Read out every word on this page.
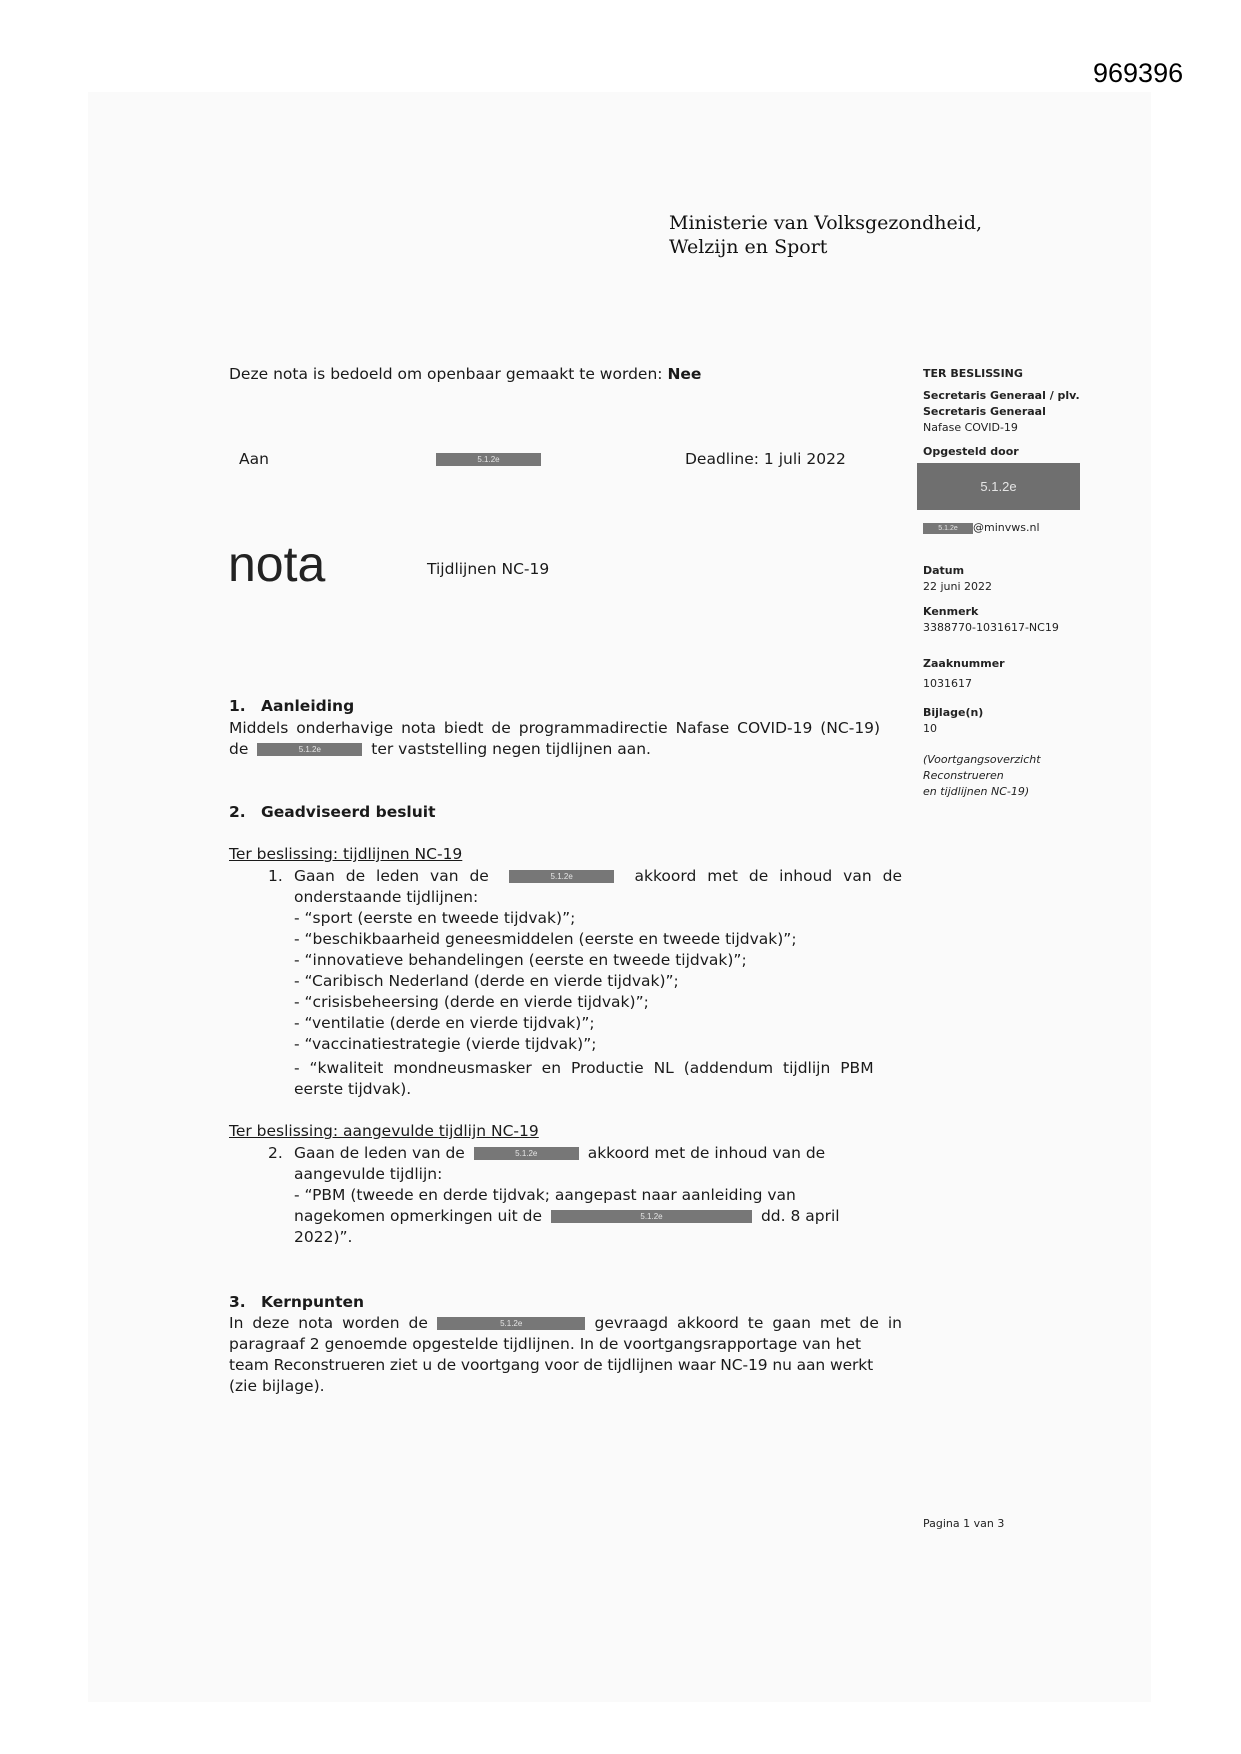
969396
Ministerie van Volksgezondheid,
Welzijn en Sport
Deze nota is bedoeld om openbaar gemaakt te worden: Nee
Aan	5.1.2e	Deadline: 1 juli 2022
nota	Tijdlijnen NC-19
TER BESLISSING
Secretaris Generaal / plv.
Secretaris Generaal
Nafase COVID-19
Opgesteld door
5.1.2e
5.1.2e @minvws.nl
Datum
22 juni 2022
Kenmerk
3388770-1031617-NC19
Zaaknummer
1031617
Bijlage(n)
10
(Voortgangsoverzicht
Reconstrueren
en tijdlijnen NC-19)
1. Aanleiding
Middels onderhavige nota biedt de programmadirectie Nafase COVID-19 (NC-19)
de	5.1.2e	ter vaststelling negen tijdlijnen aan.
2. Geadviseerd besluit
Ter beslissing: tijdlijnen NC-19
1. Gaan de leden van de	5.1.2e	akkoord met de inhoud van de
onderstaande tijdlijnen:
- “sport (eerste en tweede tijdvak)”;
- “beschikbaarheid geneesmiddelen (eerste en tweede tijdvak)”;
- “innovatieve behandelingen (eerste en tweede tijdvak)”;
- “Caribisch Nederland (derde en vierde tijdvak)”;
- “crisisbeheersing (derde en vierde tijdvak)”;
- “ventilatie (derde en vierde tijdvak)”;
- “vaccinatiestrategie (vierde tijdvak)”;
- “kwaliteit mondneusmasker en Productie NL (addendum tijdlijn PBM
eerste tijdvak).
Ter beslissing: aangevulde tijdlijn NC-19
2. Gaan de leden van de	5.1.2e	akkoord met de inhoud van de
aangevulde tijdlijn:
- “PBM (tweede en derde tijdvak; aangepast naar aanleiding van
nagekomen opmerkingen uit de	5.1.2e	dd. 8 april
2022)”.
3. Kernpunten
In deze nota worden de	5.1.2e	gevraagd akkoord te gaan met de in
paragraaf 2 genoemde opgestelde tijdlijnen. In de voortgangsrapportage van het
team Reconstrueren ziet u de voortgang voor de tijdlijnen waar NC-19 nu aan werkt
(zie bijlage).
Pagina 1 van 3
